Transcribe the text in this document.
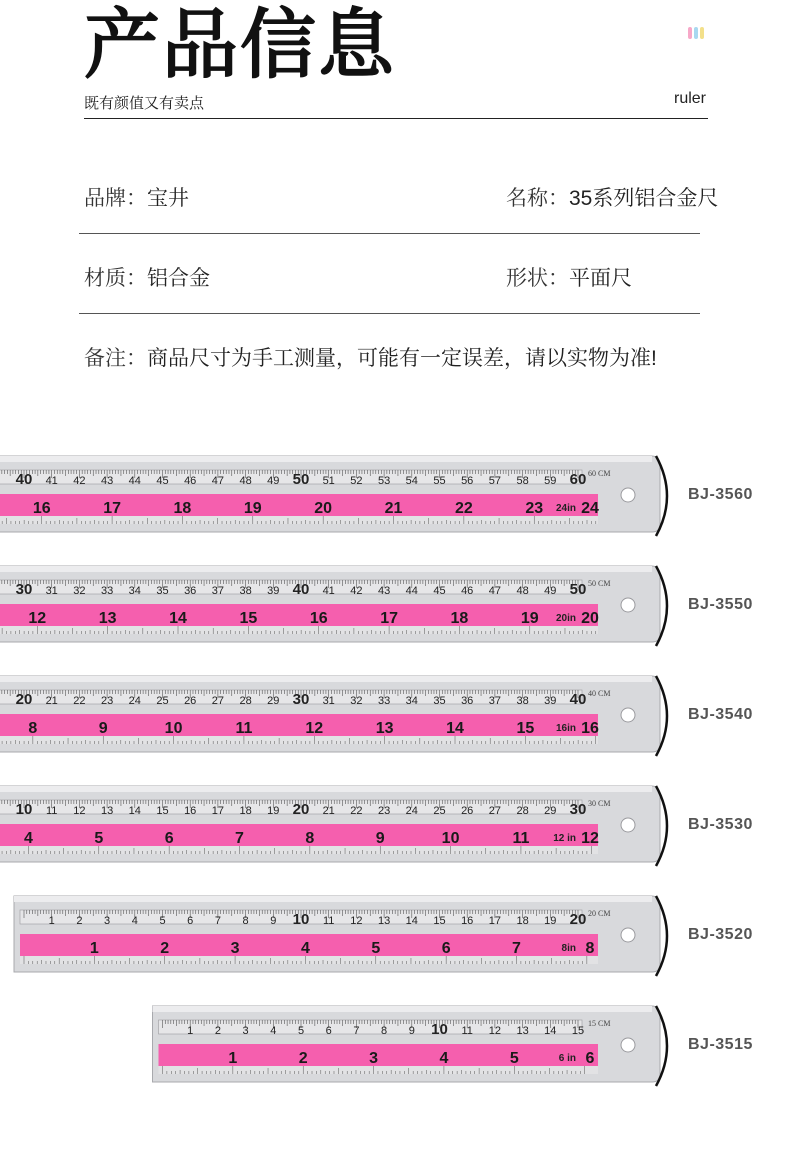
产品信息
既有颜值又有卖点	ruler
品牌：宝井	名称：35系列铝合金尺
材质：铝合金	形状：平面尺
备注：商品尺寸为手工测量，可能有一定误差，请以实物为准!
40 41 42 43 44 45 46 47 48 49 50 51 52 53 54 55 56 57 58 59 60 60 CM
16	17	18	19	20	21	22	23 24
24in
BJ-3560
30 31 32 33 34 35 36 37 38 39 40 41 42 43 44 45 46 47 48 49 50 50 CM
12	13	14	15	16	17	18	19	20
20in
BJ-3550
20 21 22 23 24 25 26 27 28 29 30 31 32 33 34 35 36 37 38 39 40 40 CM
8	9	10	11	12	13	14	15	16
16in
BJ-3540
10 11 12 13 14 15 16 17 18 19 20 21 22 23 24 25 26 27 28 29 30 30 CM
4	5	6	7	8	9	10	11	12
12 in
BJ-3530
1 2 3 4 5 6 7 8 9 10 11 12 13 14 15 16 17 18 19 20 20 CM
1	2	3	4	5	6	7	8
8in
BJ-3520
1 2 3 4 5 6 7 8 9 10 11 12 13 14 15
15 CM
1	2	3	4	5	6
6 in
BJ-3515
